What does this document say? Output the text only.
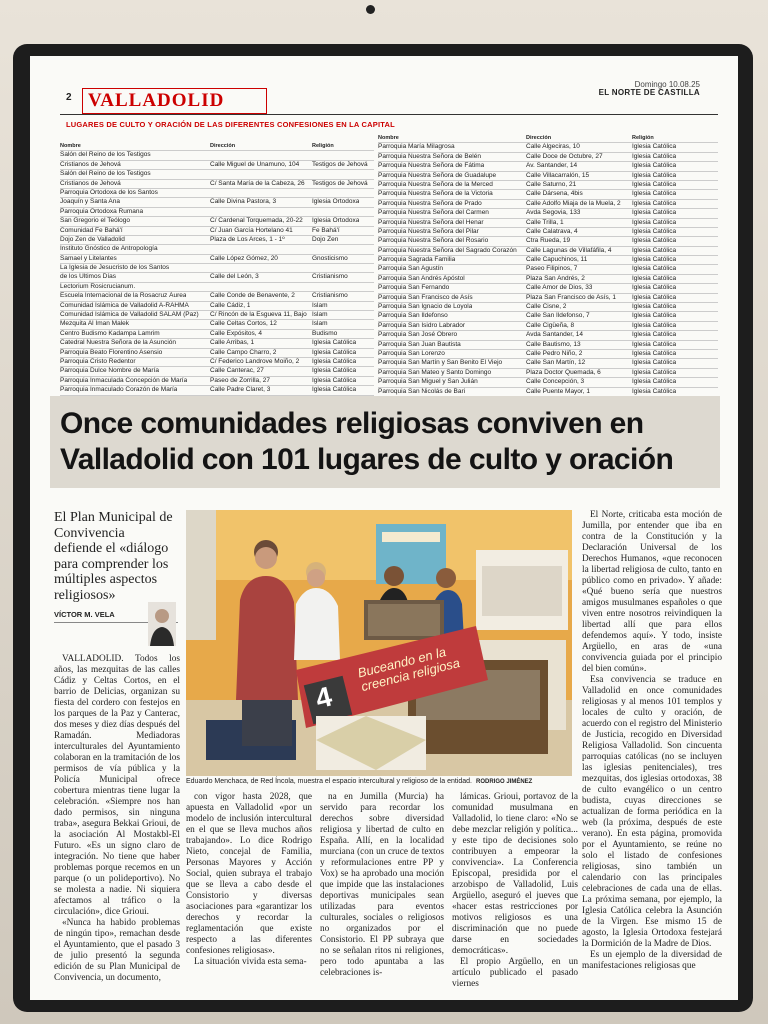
2 VALLADOLID
Domingo 10.08.25
EL NORTE DE CASTILLA
LUGARES DE CULTO Y ORACIÓN DE LAS DIFERENTES CONFESIONES EN LA CAPITAL
Nombre	Dirección	Religión
Salón del Reino de los Testigos
Cristianos de Jehová	Calle Miguel de Unamuno, 104 Testigos de Jehová
Salón del Reino de los Testigos
Cristianos de Jehová	C/ Santa María de la Cabeza, 26 Testigos de Jehová
Parroquia Ortodoxa de los Santos
Joaquín y Santa Ana	Calle Divina Pastora, 3	Iglesia Ortodoxa
Parroquia Ortodoxa Rumana
San Gregorio el Teólogo	C/ Cardenal Torquemada, 20-22 Iglesia Ortodoxa
Comunidad Fe Bahá'í	C/ Juan García Hortelano 41	Fe Bahá'í
Dojo Zen de Valladolid	Plaza de Los Arces, 1 - 1º	Dojo Zen
Instituto Gnóstico de Antropología
Samael y Litelantes	Calle López Gómez, 20	Gnosticismo
La Iglesia de Jesucristo de los Santos
de los Últimos Días	Calle del León, 3	Cristianismo
Lectorium Rosicrucianum.
Escuela Internacional de la Rosacruz Áurea	Calle Conde de Benavente, 2	Cristianismo
Comunidad Islámica de Valladolid A-RAHMA	Calle Cádiz, 1	Islam
Comunidad Islámica de Valladolid SALAM (Paz) C/ Rincón de la Esgueva 11, Bajo Islam
Mezquita Al Iman Malek	Calle Celtas Cortos, 12	Islam
Centro Budismo Kadampa Lamrim	Calle Expósitos, 4	Budismo
Catedral Nuestra Señora de la Asunción	Calle Arribas, 1	Iglesia Católica
Parroquia Beato Florentino Asensio	Calle Campo Charro, 2	Iglesia Católica
Parroquia Cristo Redentor	C/ Federico Landrove Moiño, 2 Iglesia Católica
Parroquia Dulce Nombre de María	Calle Canterac, 27	Iglesia Católica
Parroquia Inmaculada Concepción de María	Paseo de Zorrilla, 27	Iglesia Católica
Parroquia Inmaculado Corazón de María	Calle Padre Claret, 3	Iglesia Católica
Nombre	Dirección	Religión
Parroquia María Milagrosa	Calle Algeciras, 10	Iglesia Católica
Parroquia Nuestra Señora de Belén	Calle Doce de Octubre, 27	Iglesia Católica
Parroquia Nuestra Señora de Fátima	Av. Santander, 14	Iglesia Católica
Parroquia Nuestra Señora de Guadalupe	Calle Villacarralón, 15	Iglesia Católica
Parroquia Nuestra Señora de la Merced	Calle Saturno, 21	Iglesia Católica
Parroquia Nuestra Señora de la Victoria	Calle Dársena, 4bis	Iglesia Católica
Parroquia Nuestra Señora de Prado	Calle Adolfo Miaja de la Muela, 2 Iglesia Católica
Parroquia Nuestra Señora del Carmen	Avda Segovia, 133	Iglesia Católica
Parroquia Nuestra Señora del Henar	Calle Trilla, 1	Iglesia Católica
Parroquia Nuestra Señora del Pilar	Calle Calatrava, 4	Iglesia Católica
Parroquia Nuestra Señora del Rosario	Ctra Rueda, 19	Iglesia Católica
Parroquia Nuestra Señora del Sagrado Corazón Calle Lagunas de Villafáfila, 4	Iglesia Católica
Parroquia Sagrada Familia	Calle Capuchinos, 11	Iglesia Católica
Parroquia San Agustín	Paseo Filipinos, 7	Iglesia Católica
Parroquia San Andrés Apóstol	Plaza San Andrés, 2	Iglesia Católica
Parroquia San Fernando	Calle Amor de Dios, 33	Iglesia Católica
Parroquia San Francisco de Asís	Plaza San Francisco de Asís, 1 Iglesia Católica
Parroquia San Ignacio de Loyola	Calle Cisne, 2	Iglesia Católica
Parroquia San Ildefonso	Calle San Ildefonso, 7	Iglesia Católica
Parroquia San Isidro Labrador	Calle Cigüeña, 8	Iglesia Católica
Parroquia San José Obrero	Avda Santander, 14	Iglesia Católica
Parroquia San Juan Bautista	Calle Bautismo, 13	Iglesia Católica
Parroquia San Lorenzo	Calle Pedro Niño, 2	Iglesia Católica
Parroquia San Martín y San Benito El Viejo	Calle San Martín, 12	Iglesia Católica
Parroquia San Mateo y Santo Domingo	Plaza Doctor Quemada, 6	Iglesia Católica
Parroquia San Miguel y San Julián	Calle Concepción, 3	Iglesia Católica
Parroquia San Nicolás de Bari	Calle Puente Mayor, 1	Iglesia Católica
Once comunidades religiosas conviven en Valladolid con 101 lugares de culto y oración
El Plan Municipal de Convivencia defiende el «diálogo para comprender los múltiples aspectos religiosos»
VÍCTOR M. VELA
4
Buceando en la creencia religiosa
Eduardo Menchaca, de Red Íncola, muestra el espacio intercultural y religioso de la entidad. RODRIGO JIMÉNEZ

VALLADOLID. Todos los años, las mezquitas de las calles Cádiz y Celtas Cortos, en el barrio de Delicias, organizan su fiesta del cordero con festejos en los parques de la Paz y Canterac, dos meses y diez días después del Ramadán. Mediadoras interculturales del Ayuntamiento colaboran en la tramitación de los permisos de vía pública y la Policía Municipal ofrece cobertura mientras tiene lugar la celebración. «Siempre nos han dado permisos, sin ninguna traba», asegura Bekkai Grioui, de la asociación Al Mostakbl-El Futuro. «Es un signo claro de integración. No tiene que haber problemas porque recemos en un parque (o un polideportivo). No se molesta a nadie. Ni siquiera afectamos al tráfico o la circulación», dice Grioui.

«Nunca ha habido problemas de ningún tipo», remachan desde el Ayuntamiento, que el pasado 3 de julio presentó la segunda edición de su Plan Municipal de Convivencia, un documento,

con vigor hasta 2028, que apuesta en Valladolid «por un modelo de inclusión intercultural en el que se lleva muchos años trabajando». Lo dice Rodrigo Nieto, concejal de Familia, Personas Mayores y Acción Social, quien subraya el trabajo que se lleva a cabo desde el Consistorio y diversas asociaciones para «garantizar los derechos y recordar la reglamentación que existe respecto a las diferentes confesiones religiosas».

La situación vivida esta sema-

na en Jumilla (Murcia) ha servido para recordar los derechos sobre diversidad religiosa y libertad de culto en España. Allí, en la localidad murciana (con un cruce de textos y reformulaciones entre PP y Vox) se ha aprobado una moción que impide que las instalaciones deportivas municipales sean utilizadas para eventos culturales, sociales o religiosos no organizados por el Consistorio. El PP subraya que no se señalan ritos ni religiones, pero todo apuntaba a las celebraciones is-

lámicas. Grioui, portavoz de la comunidad musulmana en Valladolid, lo tiene claro: «No se debe mezclar religión y política... y este tipo de decisiones solo contribuyen a empeorar la convivencia». La Conferencia Episcopal, presidida por el arzobispo de Valladolid, Luis Argüello, aseguró el jueves que «hacer estas restricciones por motivos religiosos es una discriminación que no puede darse en sociedades democráticas».

El propio Argüello, en un artículo publicado el pasado viernes

El Norte, criticaba esta moción de Jumilla, por entender que iba en contra de la Constitución y la Declaración Universal de los Derechos Humanos, «que reconocen la libertad religiosa de culto, tanto en público como en privado». Y añade: «Qué bueno sería que nuestros amigos musulmanes españoles o que viven entre nosotros reivindiquen la libertad allí que para ellos defendemos aquí». Y todo, insiste Argüello, en aras de «una convivencia guiada por el principio del bien común».

Esa convivencia se traduce en Valladolid en once comunidades religiosas y al menos 101 templos y locales de culto y oración, de acuerdo con el registro del Ministerio de Justicia, recogido en Diversidad Religiosa Valladolid. Son cincuenta parroquias católicas (no se incluyen las iglesias penitenciales), tres mezquitas, dos iglesias ortodoxas, 38 de culto evangélico o un centro budista, cuyas direcciones se actualizan de forma periódica en la web (la próxima, después de este verano). En esta página, promovida por el Ayuntamiento, se reúne no solo el listado de confesiones religiosas, sino también un calendario con las principales celebraciones de cada una de ellas. La próxima semana, por ejemplo, la Iglesia Católica celebra la Asunción de la Virgen. Ese mismo 15 de agosto, la Iglesia Ortodoxa festejará la Dormición de la Madre de Dios.

Es un ejemplo de la diversidad de manifestaciones religiosas que
